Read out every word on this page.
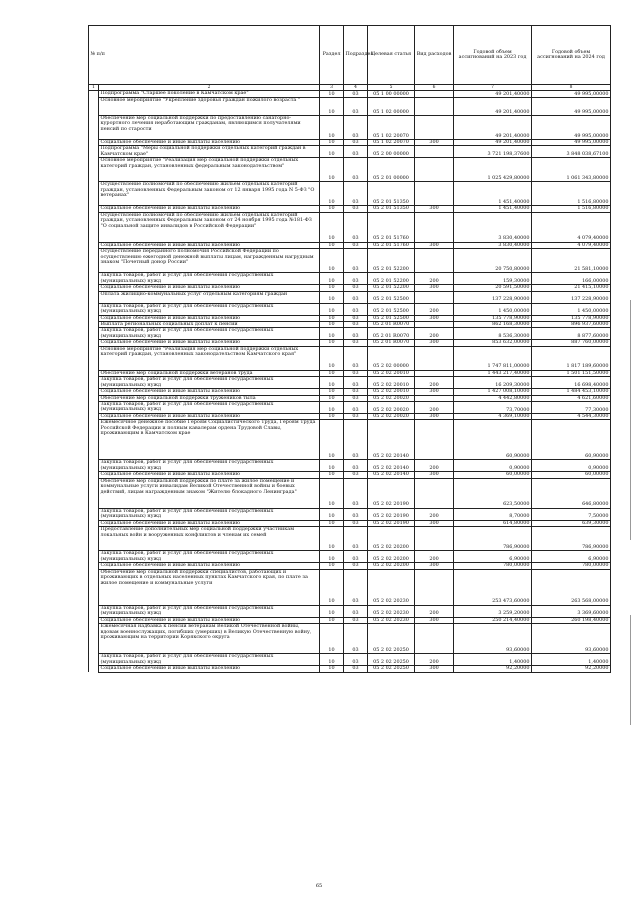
№ п/п		Раздел	Подраздел	Целевая статья	Вид расходов	Годовой объем ассигнований на 2023 год	Годовой объем ассигнований на 2024 год
1	2	3	4	5	6	7	8
	Подпрограмма "Старшее поколение в Камчатском крае"	10	03	05 1 00 00000		49 201,40000	49 995,00000
	Основное мероприятие "Укрепление здоровья граждан пожилого возраста "	10	03	05 1 02 00000		49 201,40000	49 995,00000
	Обеспечение мер социальной поддержки по предоставлению санаторно-курортного лечения неработающим гражданам, являющимся получателями пенсий по старости	10	03	05 1 02 20070		49 201,40000	49 995,00000
	Социальное обеспечение и иные выплаты населению	10	03	05 1 02 20070	300	49 201,40000	49 995,00000
	Подпрограмма "Меры социальной поддержки отдельных категорий граждан в Камчатском крае"	10	03	05 2 00 00000		3 721 198,37600	3 848 038,67100
	Основное мероприятие "Реализация мер социальной поддержки отдельных категорий граждан, установленных федеральным законодательством"	10	03	05 2 01 00000		1 025 429,80000	1 061 343,80000
	Осуществление полномочий по обеспечению жильем отдельных категорий граждан, установленных Федеральным законом от 12 января 1995 года N 5-ФЗ "О ветеранах"	10	03	05 2 01 51350		1 451,40000	1 516,80000
	Социальное обеспечение и иные выплаты населению	10	03	05 2 01 51350	300	1 451,40000	1 516,80000
	Осуществление полномочий по обеспечению жильем отдельных категорий граждан, установленных Федеральным законом от 24 ноября 1995 года №181-ФЗ "О социальной защите инвалидов в Российской Федерации"	10	03	05 2 01 51760		3 830,40000	4 079,40000
	Социальное обеспечение и иные выплаты населению	10	03	05 2 01 51760	300	3 830,40000	4 079,40000
	Осуществление переданного полномочия Российской Федерации по осуществлению ежегодной денежной выплаты лицам, награжденным нагрудным знаком "Почетный донор России"	10	03	05 2 01 52200		20 750,80000	21 581,10000
	Закупка товаров, работ и услуг для обеспечения государственных (муниципальных) нужд	10	03	05 2 01 52200	200	159,30000	166,00000
	Социальное обеспечение и иные выплаты населению	10	03	05 2 01 52200	300	20 591,50000	21 415,10000
	Оплата жилищно-коммунальных услуг отдельным категориям граждан	10	03	05 2 01 52500		137 228,90000	137 228,90000
	Закупка товаров, работ и услуг для обеспечения государственных (муниципальных) нужд	10	03	05 2 01 52500	200	1 450,00000	1 450,00000
	Социальное обеспечение и иные выплаты населению	10	03	05 2 01 52500	300	135 778,90000	135 778,90000
	Выплата региональных социальных доплат к пенсии	10	03	05 2 01 R0070		862 168,30000	896 937,60000
	Закупка товаров, работ и услуг для обеспечения государственных (муниципальных) нужд	10	03	05 2 01 R0070	200	8 536,30000	8 877,60000
	Социальное обеспечение и иные выплаты населению	10	03	05 2 01 R0070	300	853 632,00000	887 760,00000
	Основное мероприятие "Реализация мер социальной поддержки отдельных категорий граждан, установленных законодательством Камчатского края"	10	03	05 2 02 00000		1 747 811,00000	1 817 189,60000
	Обеспечение мер социальной поддержки ветеранов труда	10	03	05 2 02 20010		1 443 217,40000	1 501 151,50000
	Закупка товаров, работ и услуг для обеспечения государственных (муниципальных) нужд	10	03	05 2 02 20010	200	16 209,30000	16 698,40000
	Социальное обеспечение и иные выплаты населению	10	03	05 2 02 20010	300	1 427 008,10000	1 484 453,10000
	Обеспечение мер социальной поддержки тружеников тыла	10	03	05 2 02 20020		4 442,80000	4 621,60000
	Закупка товаров, работ и услуг для обеспечения государственных (муниципальных) нужд	10	03	05 2 02 20020	200	73,70000	77,30000
	Социальное обеспечение и иные выплаты населению	10	03	05 2 02 20020	300	4 369,10000	4 544,30000
	Ежемесячное денежное пособие Героям Социалистического Труда, Героям Труда Российской Федерации и полным кавалерам ордена Трудовой Славы, проживающим в Камчатском крае	10	03	05 2 02 20140		60,90000	60,90000
	Закупка товаров, работ и услуг для обеспечения государственных (муниципальных) нужд	10	03	05 2 02 20140	200	0,90000	0,90000
	Социальное обеспечение и иные выплаты населению	10	03	05 2 02 20140	300	60,00000	60,00000
	Обеспечение мер социальной поддержки по плате за жилое помещение и коммунальные услуги инвалидам Великой Отечественной войны и боевых действий, лицам награжденным знаком "Жителю блокадного Ленинграда"	10	03	05 2 02 20190		623,50000	646,80000
	Закупка товаров, работ и услуг для обеспечения государственных (муниципальных) нужд	10	03	05 2 02 20190	200	8,70000	7,50000
	Социальное обеспечение и иные выплаты населению	10	03	05 2 02 20190	300	614,80000	639,30000
	Предоставление дополнительных мер социальной поддержки участникам локальных войн и вооруженных конфликтов и членам их семей	10	03	05 2 02 20200		786,90000	786,90000
	Закупка товаров, работ и услуг для обеспечения государственных (муниципальных) нужд	10	03	05 2 02 20200	200	6,90000	6,90000
	Социальное обеспечение и иные выплаты населению	10	03	05 2 02 20200	300	780,00000	780,00000
	Обеспечение мер социальной поддержки специалистов, работающих и проживающих в отдельных населенных пунктах Камчатского края, по плате за жилое помещение и коммунальные услуги	10	03	05 2 02 20230		253 473,60000	263 568,00000
	Закупка товаров, работ и услуг для обеспечения государственных (муниципальных) нужд	10	03	05 2 02 20230	200	3 259,20000	3 369,60000
	Социальное обеспечение и иные выплаты населению	10	03	05 2 02 20230	300	250 214,40000	260 198,40000
	Ежемесячная надбавка к пенсии ветеранам Великой Отечественной войны, вдовам военнослужащих, погибших (умерших) в Великую Отечественную войну, проживающим на территории Корякского округа	10	03	05 2 02 20250		93,60000	93,60000
	Закупка товаров, работ и услуг для обеспечения государственных (муниципальных) нужд	10	03	05 2 02 20250	200	1,40000	1,40000
	Социальное обеспечение и иные выплаты населению	10	03	05 2 02 20250	300	92,20000	92,20000
65
